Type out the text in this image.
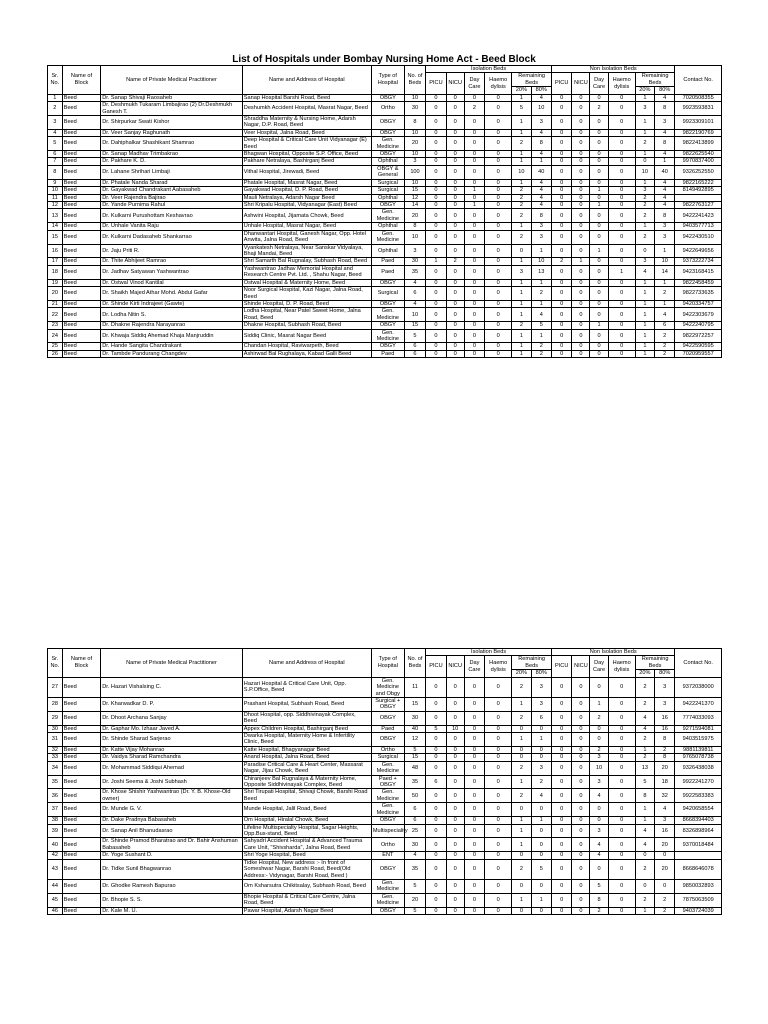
List of Hospitals under Bombay Nursing Home Act - Beed Block
Sr. No.	Name of Block	Name of Private Medical Practitioner	Name and Address of Hospital	Type of Hospital	No. of Beds	Isolation Beds						Non Isolation Beds						Contact No.
						PICU	NICU	Day Care	Haemo dylisis	Remaining Beds		PICU	NICU	Day Care	Haemo dylisis	Remaining Beds		
										20%	80%					20%	80%	
1	Beed	Dr. Sanap Shivaji Raosaheb	Sanap Hospital Barshi Road, Beed	OBGY	10	0	0	0	0	1	4	0	0	0	0	1	4	7020508355
2	Beed	Dr. Deshmukh Tukaram Limbajirao (2) Dr.Deshmukh Ganesh T.	Deshumkh Accident Hospital, Masrat Nagar, Beed	Ortho	30	0	0	2	0	5	10	0	0	2	0	3	8	9923593831
3	Beed	Dr. Shirpurkar Swati Kishor	Shraddha Maternity & Nursing Home, Adarsh Nagar, D.P. Road, Beed	OBGY	8	0	0	0	0	1	3	0	0	0	0	1	3	9923309101
4	Beed	Dr. Veer Sanjay Raghunath	Veer Hospital, Jalna Road, Beed	OBGY	10	0	0	0	0	1	4	0	0	0	0	1	4	9822190769
5	Beed	Dr. Dahiphalkar Shashikant Shamrao	Deep Hospital & Critical Care Unit Vidyanagar (E) Beed	Gen. Medicine	20	0	0	0	0	2	8	0	0	0	0	2	8	9822413899
6	Beed	Dr. Sanap Madhav Trimbakrao	Bhagwan Hospital, Opposite S.P. Office, Beed	OBGY	10	0	0	0	0	1	4	0	0	0	0	1	4	9822625540
7	Beed	Dr. Pakhare K. D.	Pakhare Netralaya, Bashirganj Beed	Ophthal	3	0	0	0	0	1	1	0	0	0	0	0	1	9970837400
8	Beed	Dr. Lahane Shrihari Limbaji	Vithal Hospital, Jirewadi, Beed	OBGY & General	100	0	0	0	0	10	40	0	0	0	0	10	40	9326252550
9	Beed	Dr. Phatale Nanda Sharad	Phatale Hospital, Masrat Nagar, Beed	Surgical	10	0	0	0	0	1	4	0	0	0	0	1	4	9822165222
10	Beed	Dr. Gayakwad Chandrakant Aabasaheb	Gayakwad Hospital, D. P. Road, Beed	Surgical	15	0	0	1	0	2	4	0	0	1	0	3	4	8149492895
11	Beed	Dr. Veer Rajendra Bajirao	Mauli Netralaya, Adarsh Nagar Beed	Ophthal	12	0	0	0	0	2	4	0	0	0	0	2	4	
12	Beed	Dr. Yande Purnima Rahul	Shri Kripalu Hospital, Vidyanagar (East) Beed	OBGY	14	0	0	1	0	2	4	0	0	1	0	2	4	9822763127
13	Beed	Dr. Kulkarni Purushottam Keshavrao	Ashwini Hospital, Jijamata Chowk, Beed	Gen. Medicine	20	0	0	0	0	2	8	0	0	0	0	2	8	9422241423
14	Beed	Dr. Unhale Vanita Raju	Unhale Hospital, Masrat Nagar, Beed	Ophthal	8	0	0	0	0	1	3	0	0	0	0	1	3	9403577713
15	Beed	Dr. Kulkarni Dadasaheb Shankarrao	Dhanwantari Hospital, Ganesh Nagar, Opp. Hotel Anwita, Jalna Road, Beed	Gen. Medicine	10	0	0	0	0	2	3	0	0	0	0	2	3	9422430510
16	Beed	Dr. Jaju Priti R.	Vyankatesh Netralaya, Near Sanskar Vidyalaya, Bhaji Mandai, Beed	Ophthal	3	0	0	0	0	0	1	0	0	1	0	0	1	9422649656
17	Beed	Dr. Thite Abhijeet Ramrao	Shri Samarth Bal Rugnalay, Subhash Road, Beed	Paed	30	1	2	0	0	1	10	2	1	0	0	3	10	9373222734
18	Beed	Dr. Jadhav Satyawan Yashwantrao	Yashwantrao Jadhav Memorial Hospital and Research Centre Pvt. Ltd. , Shahu Nagar, Beed	Paed	35	0	0	0	0	3	13	0	0	0	1	4	14	9423168415
19	Beed	Dr. Ostwal Vinod Kantilal	Ostwal Hospital & Maternity Home, Beed	OBGY	4	0	0	0	0	1	1	0	0	0	0	1	1	9822458459
20	Beed	Dr. Shaikh Majed Athar Mohd. Abdul Gafar	Noor Surgical Hospital, Kazi Nagar, Jalna Road, Beed	Surgical	6	0	0	0	0	1	2	0	0	0	0	1	2	9822733635
21	Beed	Dr. Shinde Kirti Indrajeet (Gawte)	Shinde Hospital, D. P. Road, Beed	OBGY	4	0	0	0	0	1	1	0	0	0	0	1	1	9420334757
22	Beed	Dr. Lodha Nitin S.	Lodha Hospital, Near Patel Sweet Home, Jalna Road, Beed	Gen. Medicine	10	0	0	0	0	1	4	0	0	0	0	1	4	9422303679
23	Beed	Dr. Dhakne Rajendra Narayanrao	Dhakne Hospital, Subhash Road, Beed	OBGY	15	0	0	0	0	2	5	0	0	1	0	1	6	9422240795
24	Beed	Dr. Khwaja Siddiq Ahemad Khaja Manjruddin	Siddiq Clinic, Masrat Nagar Beed	Gen. Medicine	5	0	0	0	0	1	1	0	0	0	0	1	2	9822972257
25	Beed	Dr. Hande Sangita Chandrakant	Chandan Hospital, Raviwarpeth, Beed	OBGY	6	0	0	0	0	1	2	0	0	0	0	1	2	9422590595
26	Beed	Dr. Tambde Pandurang Changdev	Ashirwad Bal Rughalaya, Kabad Galli Beed	Paed	6	0	0	0	0	1	2	0	0	0	0	1	2	7020959557
Sr. No.	Name of Block	Name of Private Medical Practitioner	Name and Address of Hospital	Type of Hospital	No. of Beds	Isolation Beds						Non Isolation Beds						Contact No.
						PICU	NICU	Day Care	Haemo dylisis	Remaining Beds		PICU	NICU	Day Care	Haemo dylisis	Remaining Beds		
										20%	80%					20%	80%	
27	Beed	Dr. Hazari Vishalsing C.	Hazari Hospital & Critical Care Unit, Opp. S.P.Office, Beed	Gen. Medicine and Obgy	11	0	0	0	0	2	3	0	0	0	0	2	3	9372038000
28	Beed	Dr. Kharwadkar D. P.	Prashant Hospital, Subhash Road, Beed	Surgical + OBGY	15	0	0	0	0	1	3	0	0	1	0	2	3	9422241370
29	Beed	Dr. Dhoot Archana Sanjay	Dhoot Hospital, opp. Siddhivinayak Complex, Beed	OBGY	30	0	0	0	0	2	6	0	0	2	0	4	16	7774033093
30	Beed	Dr. Gaphar Mo. Izhaar Javed A.	Appex Children Hospital, Bashirganj Beed	Paed	40	5	10	0	0	0	0	0	0	0	0	4	16	9271594081
31	Beed	Dr. Shinde Sharad Sarjerao	Dwarka Hospital, Maternity Home & Infertility Clinic, Beed	OBGY	12	0	0	0	0	1	1	0	0	0	0	2	8	9403515975
32	Beed	Dr. Katte Vijay Mohanrao	Katte Hospital, Bhagyanagar Beed	Ortho	5	0	0	0	0	0	0	0	0	2	0	1	2	9881139811
33	Beed	Dr. Vaidya Sharad Ramchandra	Anand Hospital, Jalna Road, Beed	Surgical	15	0	0	0	0	0	0	0	0	3	0	2	8	9765078738
34	Beed	Dr. Mohammad Siddiqui Ahemad	Paradise Critical Care & Heart Center, Massarat Nagar, Jijau Chowk, Beed	Gen. Medicine	48	0	0	0	0	2	3	0	0	10	0	13	20	9326438038
35	Beed	Dr. Joshi Seema & Joshi Subhash	Chiranjeev Bal Rugnalaya & Maternity Home, Opposite Siddhivinayak Complex, Beed	Paed + OBGY	35	6	0	0	0	1	2	0	0	3	0	5	18	9922241270
36	Beed	Dr. Khose Shishir Yashwantrao (Dr. Y. B. Khose-Old owner)	Shri Tirupati Hospital, Shivaji Chowk, Barshi Road Beed	Gen. Medicine	50	0	0	0	0	2	4	0	0	4	0	8	32	9922583383
37	Beed	Dr. Munde G. V.	Munde Hospital, Jalil Road, Beed	Gen. Medicine	6	0	0	0	0	0	0	0	0	0	0	1	4	9420658554
38	Beed	Dr. Dake Pradnya Babasaheb	Om Hospital, Hiralal Chowk, Beed	OBGY	6	0	0	0	0	1	1	0	0	0	0	1	3	8668394403
39	Beed	Dr. Sanap Anil Bhanudasrao	Lifeline Multispecialty Hospital, Sagar Heights, Opp.Bus-stand, Beed	Multispeciality	25	0	0	0	0	1	0	0	0	3	0	4	16	8326898964
40	Beed	Dr. Shinde Pramod Bharatrao and Dr. Bahir Anshuman Babasaheb	Sahyadri Accident Hospital & Advanced Trauma Care Unit, "Shivsharda", Jalna Road, Beed	Ortho	30	0	0	0	0	1	0	0	0	4	0	4	20	9370018484
42	Beed	Dr. Yoge Sushant D.	Shri Yoge Hospital, Beed	ENT	4	0	0	0	0	0	0	0	0	4	0	0	0	
43	Beed	Dr. Tidke Sunil Bhagwanrao	Tidke Hospital, New address :- In front of Someshwar Nagar, Barshi Road, Beed(Old Address:- Vidynagar, Barshi Road, Beed )	OBGY	35	0	0	0	0	2	5	0	0	0	0	2	20	8668646078
44	Beed	Dr. Ghodke Ramesh Bapurao	Om Ksharsutra Chikitsalay, Subhash Road, Beed	Gen. Medicine	5	0	0	0	0	0	0	0	0	5	0	0	0	9850032893
45	Beed	Dr. Bhopie S. S.	Bhopie Hospital & Critical Care Centre, Jalna Road, Beed	Gen. Medicine	20	0	0	0	0	1	1	0	0	8	0	2	2	7875063509
46	Beed	Dr. Kale M. U.	Pawar Hospital, Adarsh Nagar Beed	OBGY	5	0	0	0	0	0	0	0	0	2	0	1	2	9403724039
